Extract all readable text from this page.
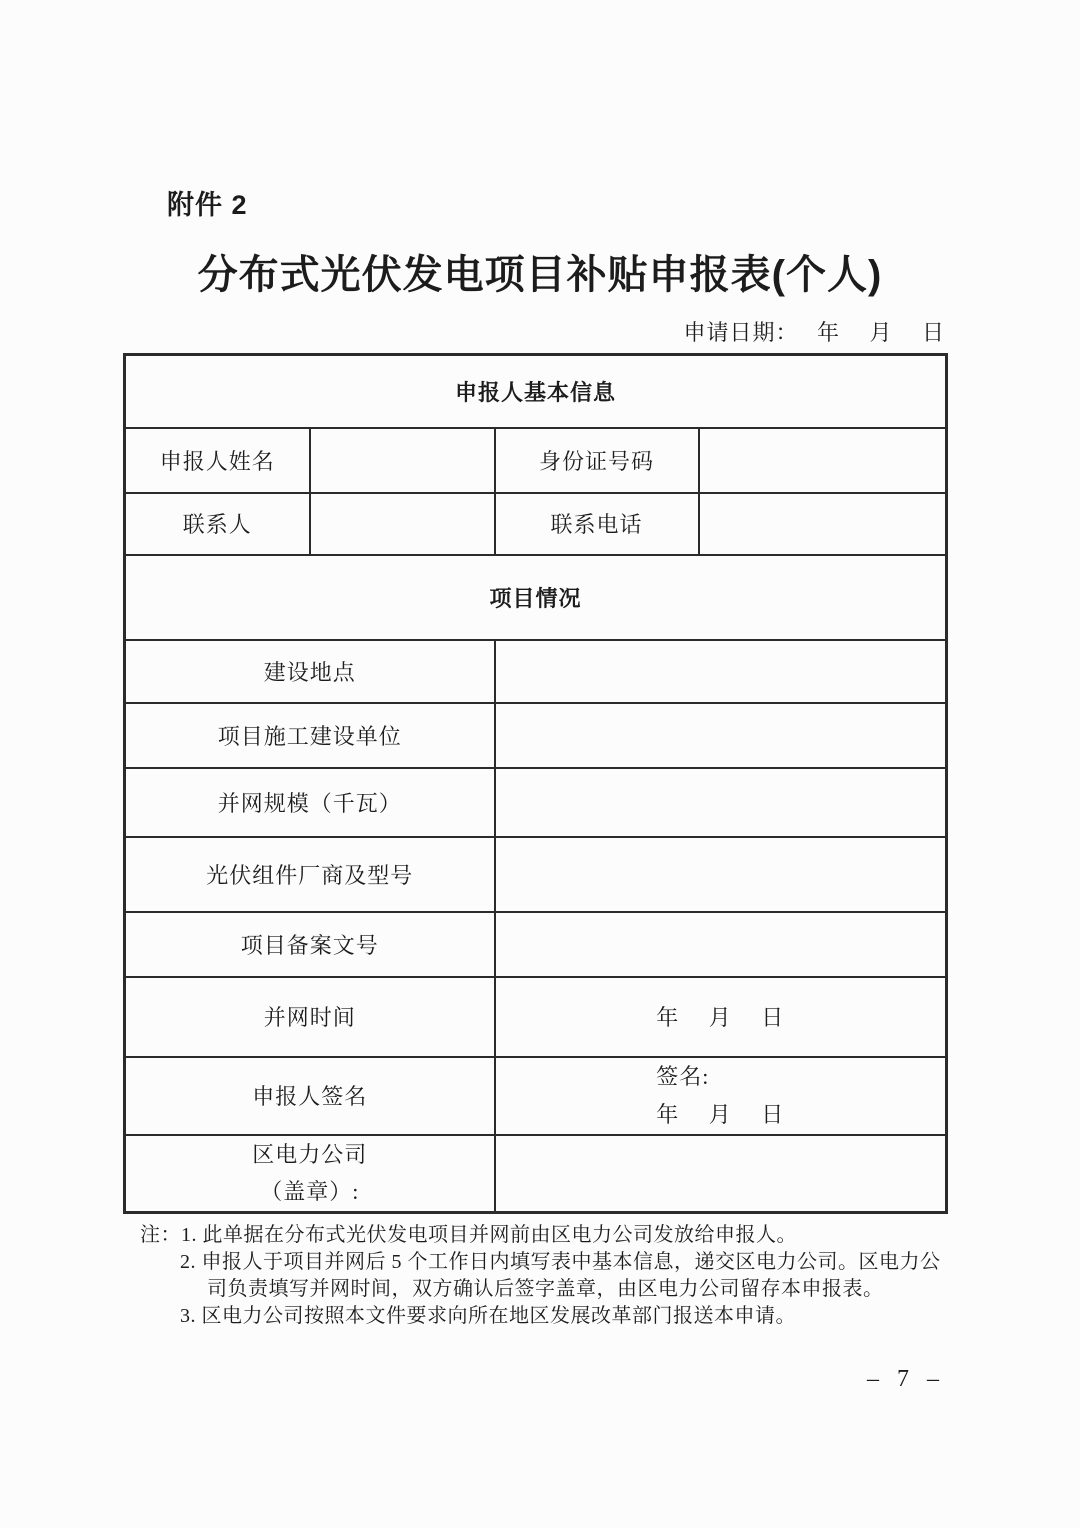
附件 2
分布式光伏发电项目补贴申报表(个人)
申请日期：　 年　 月　 日
申报人基本信息			
申报人姓名		身份证号码	
联系人		联系电话	
项目情况			
建设地点			
项目施工建设单位			
并网规模（千瓦）			
光伏组件厂商及型号			
项目备案文号			
并网时间		年　 月　 日	
申报人签名		签名:
年　 月　 日	

区电力公司
（盖章）:			

注： 1. 此单据在分布式光伏发电项目并网前由区电力公司发放给申报人。
2. 申报人于项目并网后 5 个工作日内填写表中基本信息，递交区电力公司。区电力公司负责填写并网时间，双方确认后签字盖章，由区电力公司留存本申报表。
3. 区电力公司按照本文件要求向所在地区发展改革部门报送本申请。
– 7 –
